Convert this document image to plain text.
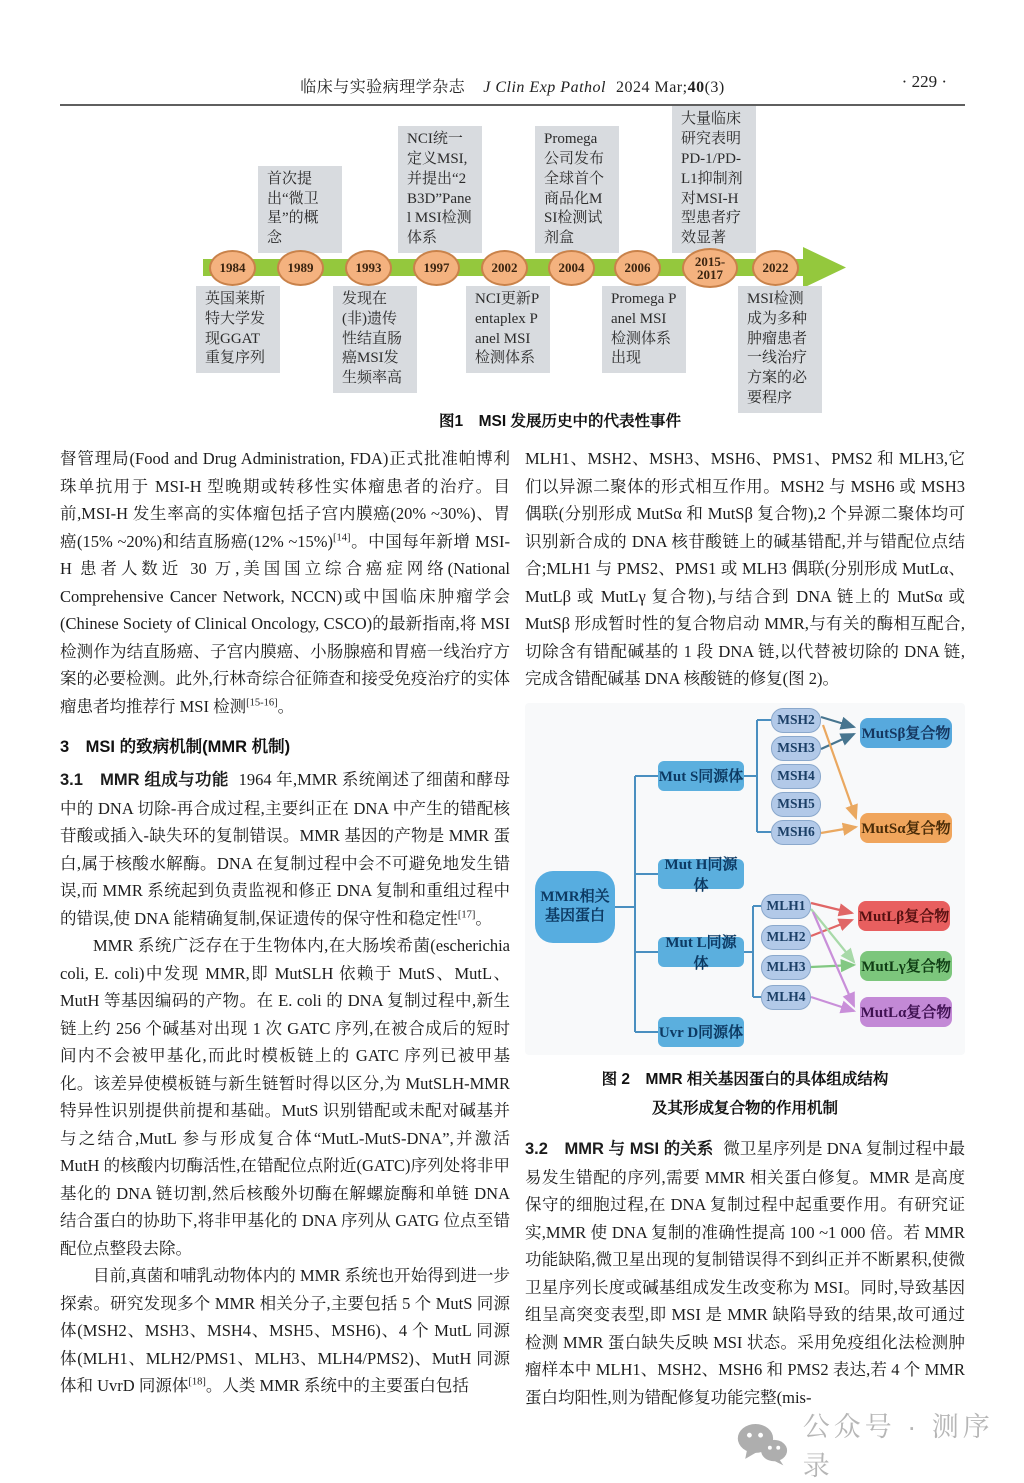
临床与实验病理学杂志 J Clin Exp Pathol 2024 Mar;40(3)	· 229 ·
首次提出“微卫星”的概念
NCI统一定义MSI,并提出“2B3D”Panel MSI检测体系
Promega公司发布全球首个商品化MSI检测试剂盒
大量临床研究表明PD-1/PD-L1抑制剂对MSI-H型患者疗效显著
英国莱斯特大学发现GGAT重复序列
发现在(非)遗传性结直肠癌MSI发生频率高
NCI更新Pentaplex Panel MSI检测体系
Promega Panel MSI检测体系出现
MSI检测成为多种肿瘤患者一线治疗方案的必要程序
1984	1989	1993	1997	2002	2004	2006	2015-2017	2022
图1　MSI 发展历史中的代表性事件

督管理局(Food and Drug Administration, FDA)正式批准帕博利珠单抗用于 MSI-H 型晚期或转移性实体瘤患者的治疗。目前,MSI-H 发生率高的实体瘤包括子宫内膜癌(20% ~30%)、胃癌(15% ~20%)和结直肠癌(12% ~15%)[14]。中国每年新增 MSI-H 患者人数近 30 万,美国国立综合癌症网络(National Comprehensive Cancer Network, NCCN)或中国临床肿瘤学会(Chinese Society of Clinical Oncology, CSCO)的最新指南,将 MSI 检测作为结直肠癌、子宫内膜癌、小肠腺癌和胃癌一线治疗方案的必要检测。此外,行林奇综合征筛查和接受免疫治疗的实体瘤患者均推荐行 MSI 检测[15-16]。

3　MSI 的致病机制(MMR 机制)

3.1　MMR 组成与功能 1964 年,MMR 系统阐述了细菌和酵母中的 DNA 切除-再合成过程,主要纠正在 DNA 中产生的错配核苷酸或插入-缺失环的复制错误。MMR 基因的产物是 MMR 蛋白,属于核酸水解酶。DNA 在复制过程中会不可避免地发生错误,而 MMR 系统起到负责监视和修正 DNA 复制和重组过程中的错误,使 DNA 能精确复制,保证遗传的保守性和稳定性[17]。

MMR 系统广泛存在于生物体内,在大肠埃希菌(escherichia coli, E. coli)中发现 MMR,即 MutSLH 依赖于 MutS、MutL、MutH 等基因编码的产物。在 E. coli 的 DNA 复制过程中,新生链上约 256 个碱基对出现 1 次 GATC 序列,在被合成后的短时间内不会被甲基化,而此时模板链上的 GATC 序列已被甲基化。该差异使模板链与新生链暂时得以区分,为 MutSLH-MMR 特异性识别提供前提和基础。MutS 识别错配或未配对碱基并与之结合,MutL 参与形成复合体“MutL-MutS-DNA”,并激活 MutH 的核酸内切酶活性,在错配位点附近(GATC)序列处将非甲基化的 DNA 链切割,然后核酸外切酶在解螺旋酶和单链 DNA 结合蛋白的协助下,将非甲基化的 DNA 序列从 GATG 位点至错配位点整段去除。

目前,真菌和哺乳动物体内的 MMR 系统也开始得到进一步探索。研究发现多个 MMR 相关分子,主要包括 5 个 MutS 同源体(MSH2、MSH3、MSH4、MSH5、MSH6)、4 个 MutL 同源体(MLH1、MLH2/PMS1、MLH3、MLH4/PMS2)、MutH 同源体和 UvrD 同源体[18]。人类 MMR 系统中的主要蛋白包括

MLH1、MSH2、MSH3、MSH6、PMS1、PMS2 和 MLH3,它们以异源二聚体的形式相互作用。MSH2 与 MSH6 或 MSH3 偶联(分别形成 MutSα 和 MutSβ 复合物),2 个异源二聚体均可识别新合成的 DNA 核苷酸链上的碱基错配,并与错配位点结合;MLH1 与 PMS2、PMS1 或 MLH3 偶联(分别形成 MutLα、MutLβ 或 MutLγ 复合物),与结合到 DNA 链上的 MutSα 或 MutSβ 形成暂时性的复合物启动 MMR,与有关的酶相互配合,切除含有错配碱基的 1 段 DNA 链,以代替被切除的 DNA 链,完成含错配碱基 DNA 核酸链的修复(图 2)。

MMR相关基因蛋白
Mut S同源体
Mut H同源体
Mut L同源体
Uvr D同源体
MSH2
MSH3
MSH4
MSH5
MSH6
MLH1
MLH2
MLH3
MLH4
MutSβ复合物
MutSα复合物
MutLβ复合物
MutLγ复合物
MutLα复合物
图 2　MMR 相关基因蛋白的具体组成结构
及其形成复合物的作用机制

3.2　MMR 与 MSI 的关系 微卫星序列是 DNA 复制过程中最易发生错配的序列,需要 MMR 相关蛋白修复。MMR 是高度保守的细胞过程,在 DNA 复制过程中起重要作用。有研究证实,MMR 使 DNA 复制的准确性提高 100 ~1 000 倍。若 MMR 功能缺陷,微卫星出现的复制错误得不到纠正并不断累积,使微卫星序列长度或碱基组成发生改变称为 MSI。同时,导致基因组呈高突变表型,即 MSI 是 MMR 缺陷导致的结果,故可通过检测 MMR 蛋白缺失反映 MSI 状态。采用免疫组化法检测肿瘤样本中 MLH1、MSH2、MSH6 和 PMS2 表达,若 4 个 MMR 蛋白均阳性,则为错配修复功能完整(mis-

公众号 · 测序录
